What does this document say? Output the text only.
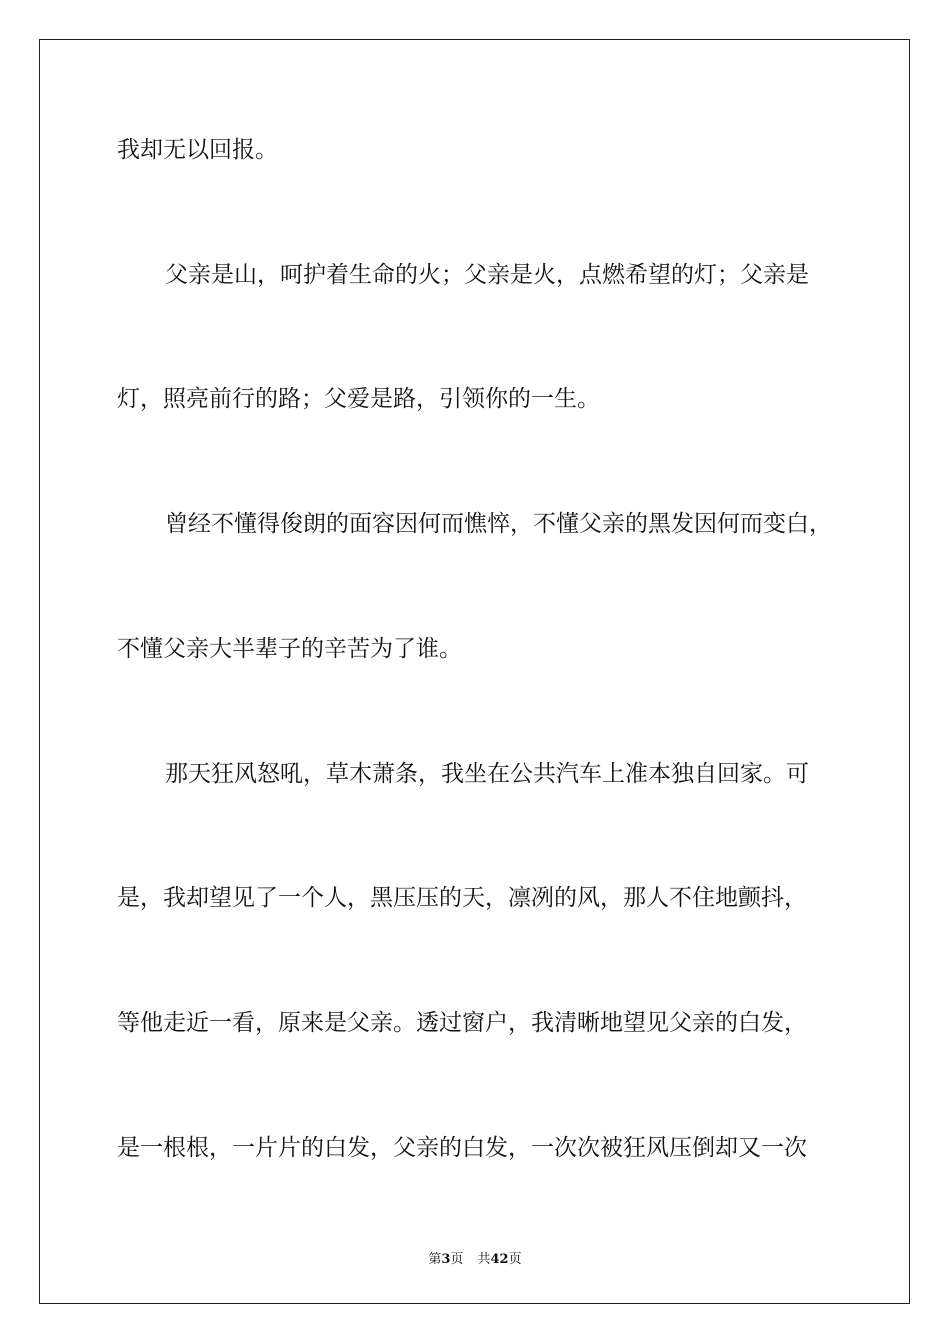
我却无以回报。

父亲是山，呵护着生命的火；父亲是火，点燃希望的灯；父亲是

灯，照亮前行的路；父爱是路，引领你的一生。

曾经不懂得俊朗的面容因何而憔悴，不懂父亲的黑发因何而变白，

不懂父亲大半辈子的辛苦为了谁。

那天狂风怒吼，草木萧条，我坐在公共汽车上准本独自回家。可

是，我却望见了一个人，黑压压的天，凛冽的风，那人不住地颤抖，

等他走近一看，原来是父亲。透过窗户，我清晰地望见父亲的白发，

是一根根，一片片的白发，父亲的白发，一次次被狂风压倒却又一次

第3页 共42页
